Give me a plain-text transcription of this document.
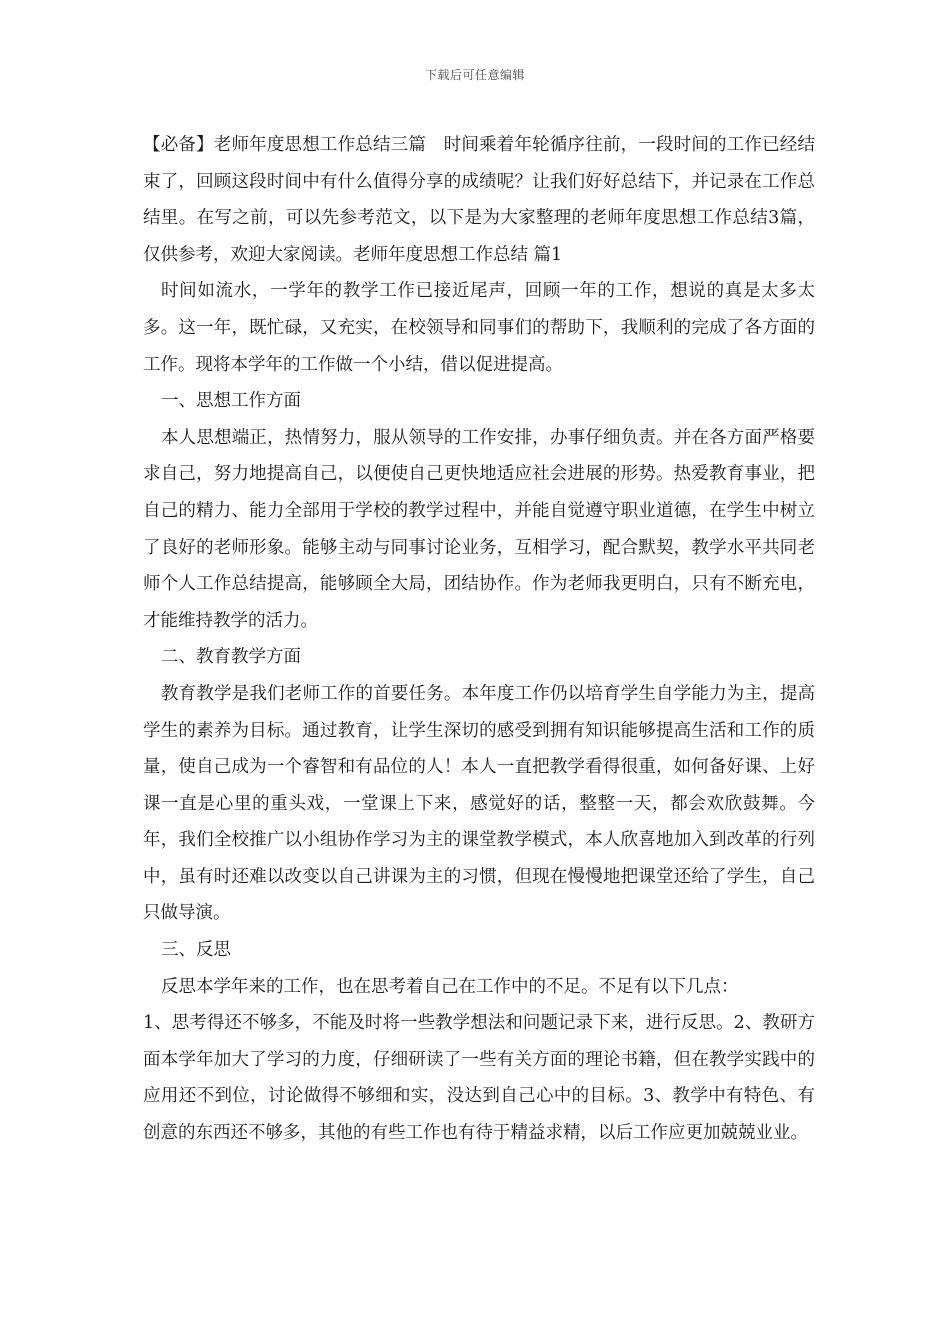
下载后可任意编辑

【必备】老师年度思想工作总结三篇　时间乘着年轮循序往前，一段时间的工作已经结束了，回顾这段时间中有什么值得分享的成绩呢？让我们好好总结下，并记录在工作总结里。在写之前，可以先参考范文，以下是为大家整理的老师年度思想工作总结3篇，仅供参考，欢迎大家阅读。老师年度思想工作总结 篇1

时间如流水，一学年的教学工作已接近尾声，回顾一年的工作，想说的真是太多太多。这一年，既忙碌，又充实，在校领导和同事们的帮助下，我顺利的完成了各方面的工作。现将本学年的工作做一个小结，借以促进提高。

一、思想工作方面

本人思想端正，热情努力，服从领导的工作安排，办事仔细负责。并在各方面严格要求自己，努力地提高自己，以便使自己更快地适应社会进展的形势。热爱教育事业，把自己的精力、能力全部用于学校的教学过程中，并能自觉遵守职业道德，在学生中树立了良好的老师形象。能够主动与同事讨论业务，互相学习，配合默契，教学水平共同老师个人工作总结提高，能够顾全大局，团结协作。作为老师我更明白，只有不断充电，才能维持教学的活力。

二、教育教学方面

教育教学是我们老师工作的首要任务。本年度工作仍以培育学生自学能力为主，提高学生的素养为目标。通过教育，让学生深切的感受到拥有知识能够提高生活和工作的质量，使自己成为一个睿智和有品位的人！本人一直把教学看得很重，如何备好课、上好课一直是心里的重头戏，一堂课上下来，感觉好的话，整整一天，都会欢欣鼓舞。今年，我们全校推广以小组协作学习为主的课堂教学模式，本人欣喜地加入到改革的行列中，虽有时还难以改变以自己讲课为主的习惯，但现在慢慢地把课堂还给了学生，自己只做导演。

三、反思

反思本学年来的工作，也在思考着自己在工作中的不足。不足有以下几点：

1、思考得还不够多，不能及时将一些教学想法和问题记录下来，进行反思。2、教研方面本学年加大了学习的力度，仔细研读了一些有关方面的理论书籍，但在教学实践中的应用还不到位，讨论做得不够细和实，没达到自己心中的目标。3、教学中有特色、有创意的东西还不够多，其他的有些工作也有待于精益求精，以后工作应更加兢兢业业。
